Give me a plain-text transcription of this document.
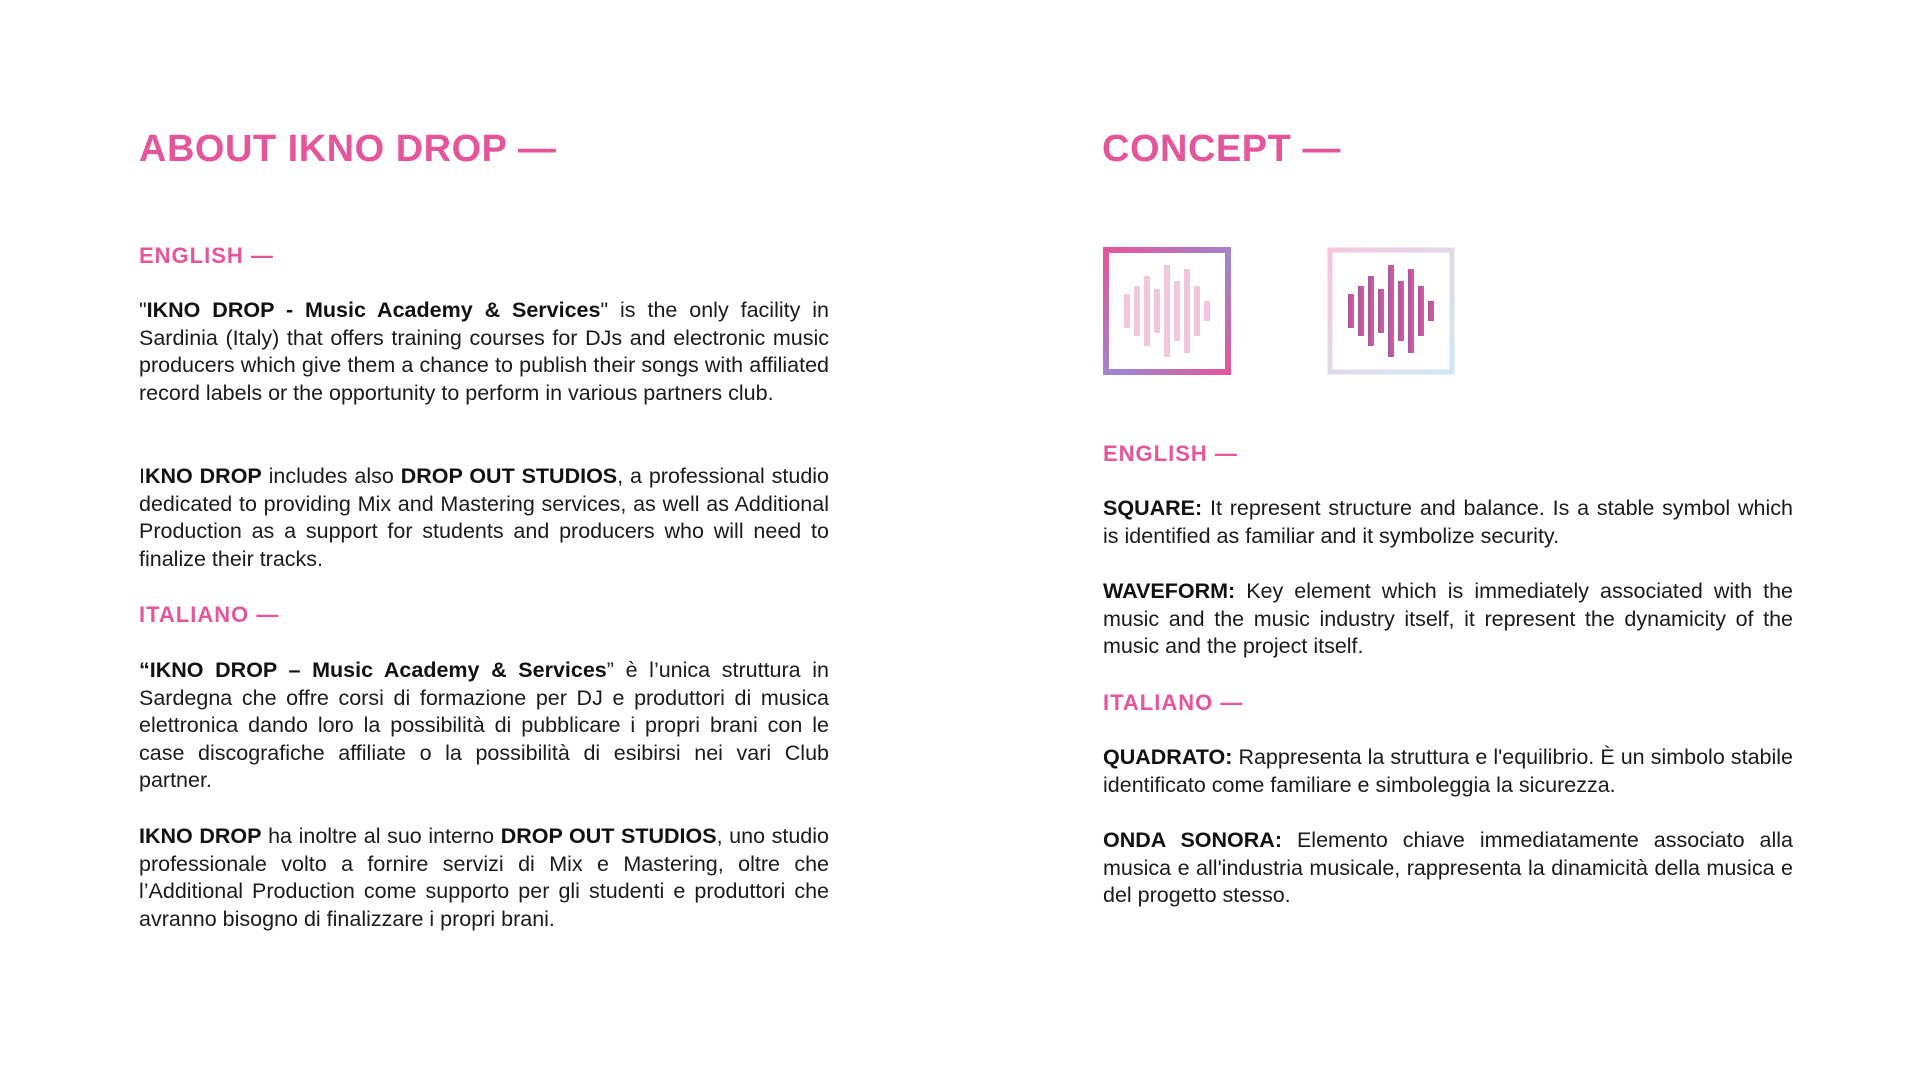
ABOUT IKNO DROP —
ENGLISH —

"IKNO DROP - Music Academy & Services" is the only facility in Sardinia (Italy) that offers training courses for DJs and electronic music producers which give them a chance to publish their songs with affiliated record labels or the opportunity to perform in various partners club.

IKNO DROP includes also DROP OUT STUDIOS, a professional studio dedicated to providing Mix and Mastering services, as well as Additional Production as a support for students and producers who will need to finalize their tracks.

ITALIANO —

“IKNO DROP – Music Academy & Services” è l’unica struttura in Sardegna che offre corsi di formazione per DJ e produttori di musica elettronica dando loro la possibilità di pubblicare i propri brani con le case discografiche affiliate o la possibilità di esibirsi nei vari Club partner.

IKNO DROP ha inoltre al suo interno DROP OUT STUDIOS, uno studio professionale volto a fornire servizi di Mix e Mastering, oltre che l’Additional Production come supporto per gli studenti e produttori che avranno bisogno di finalizzare i propri brani.

CONCEPT —
ENGLISH —

SQUARE: It represent structure and balance. Is a stable symbol which is identified as familiar and it symbolize security.

WAVEFORM: Key element which is immediately associated with the music and the music industry itself, it represent the dynamicity of the music and the project itself.

ITALIANO —

QUADRATO: Rappresenta la struttura e l'equilibrio. È un simbolo stabile identificato come familiare e simboleggia la sicurezza.

ONDA SONORA: Elemento chiave immediatamente associato alla musica e all'industria musicale, rappresenta la dinamicità della musica e del progetto stesso.
